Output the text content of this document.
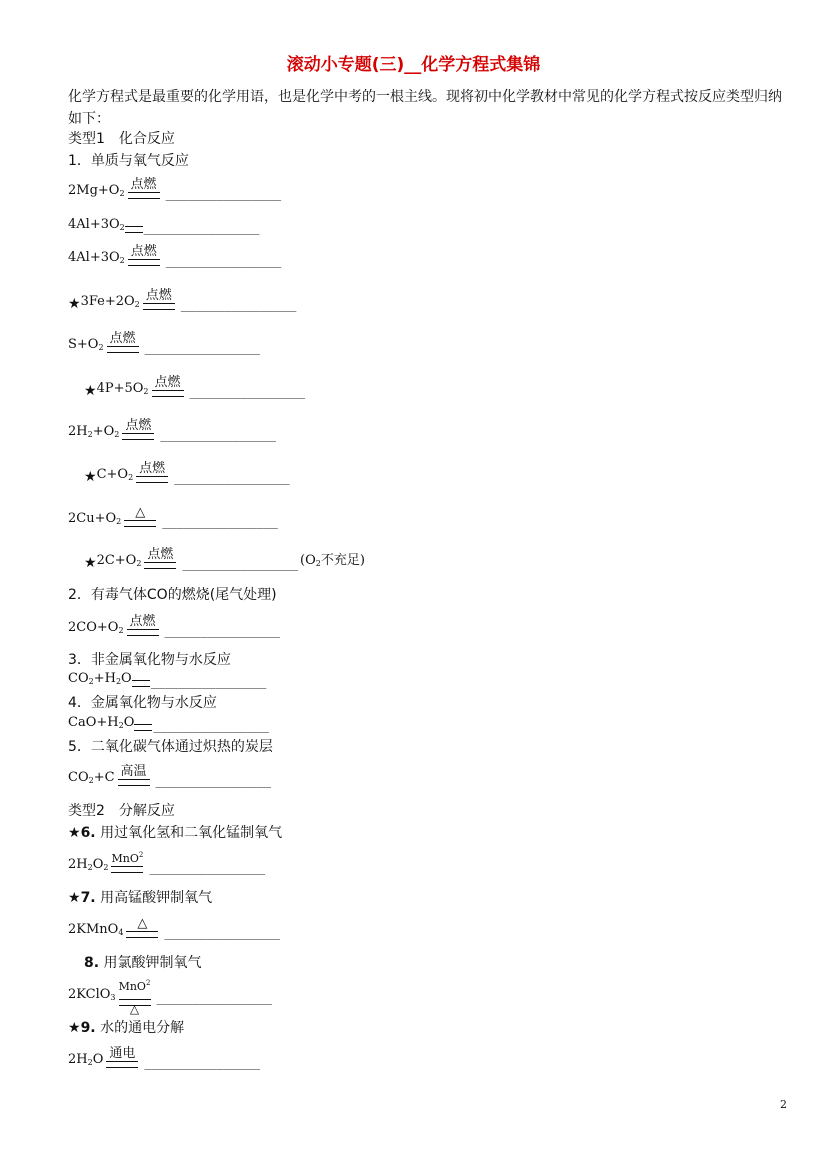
滚动小专题(三)__化学方程式集锦
化学方程式是最重要的化学用语，也是化学中考的一根主线。现将初中化学教材中常见的化学方程式按反应类型归纳如下：
类型1　化合反应
1．单质与氧气反应
$2Mg+O_2$
点燃
________________
$4Al+3O_2$ ________________
$4Al+3O_2$
点燃
________________
$★3Fe+2O_2$
点燃
________________
$S+O_2$
点燃
________________
$★4P+5O_2$
点燃
________________
$2H_2+O_2$
点燃
________________
$★C+O_2$
点燃
________________
$2Cu+O_2$
△
________________
$★2C+O_2$
点燃
________________ ($O_2$不充足)
2．有毒气体CO的燃烧(尾气处理)
$2CO+O_2$
点燃
________________
3．非金属氧化物与水反应
$CO_2+H_2O$ ________________
4．金属氧化物与水反应
$CaO+H_2O$ ________________
5．二氧化碳气体通过炽热的炭层
$CO_2+C$ 高温
________________
类型2　分解反应
★6. 用过氧化氢和二氧化锰制氧气
$2H_2O_2$
MnO$^2$
________________
★7. 用高锰酸钾制氧气
2KMnO$_4$
△
________________
8. 用氯酸钾制氧气
2KClO$_3$
MnO$^2$
△
________________
★9. 水的通电分解
$2H_2O$ 通电
________________
2
